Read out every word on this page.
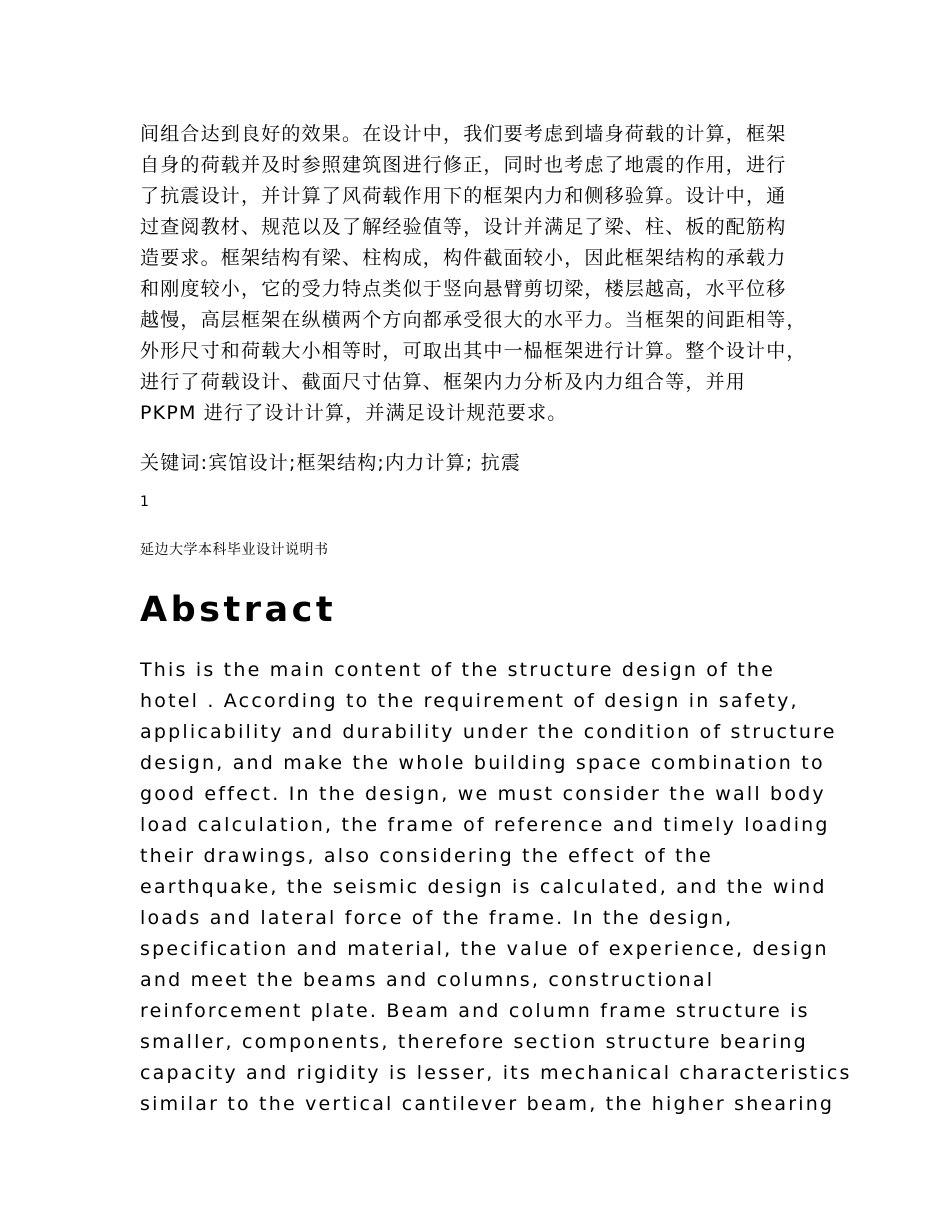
间组合达到良好的效果。在设计中，我们要考虑到墙身荷载的计算，框架
自身的荷载并及时参照建筑图进行修正，同时也考虑了地震的作用，进行
了抗震设计，并计算了风荷载作用下的框架内力和侧移验算。设计中，通
过查阅教材、规范以及了解经验值等，设计并满足了梁、柱、板的配筋构
造要求。框架结构有梁、柱构成，构件截面较小，因此框架结构的承载力
和刚度较小，它的受力特点类似于竖向悬臂剪切梁，楼层越高，水平位移
越慢，高层框架在纵横两个方向都承受很大的水平力。当框架的间距相等，
外形尺寸和荷载大小相等时，可取出其中一榀框架进行计算。整个设计中，
进行了荷载设计、截面尺寸估算、框架内力分析及内力组合等，并用
PKPM 进行了设计计算，并满足设计规范要求。
关键词:宾馆设计;框架结构;内力计算; 抗震
1
延边大学本科毕业设计说明书
Abstract
This is the main content of the structure design of the
hotel . According to the requirement of design in safety,
applicability and durability under the condition of structure
design, and make the whole building space combination to
good effect. In the design, we must consider the wall body
load calculation, the frame of reference and timely loading
their drawings, also considering the effect of the
earthquake, the seismic design is calculated, and the wind
loads and lateral force of the frame. In the design,
specification and material, the value of experience, design
and meet the beams and columns, constructional
reinforcement plate. Beam and column frame structure is
smaller, components, therefore section structure bearing
capacity and rigidity is lesser, its mechanical characteristics
similar to the vertical cantilever beam, the higher shearing
